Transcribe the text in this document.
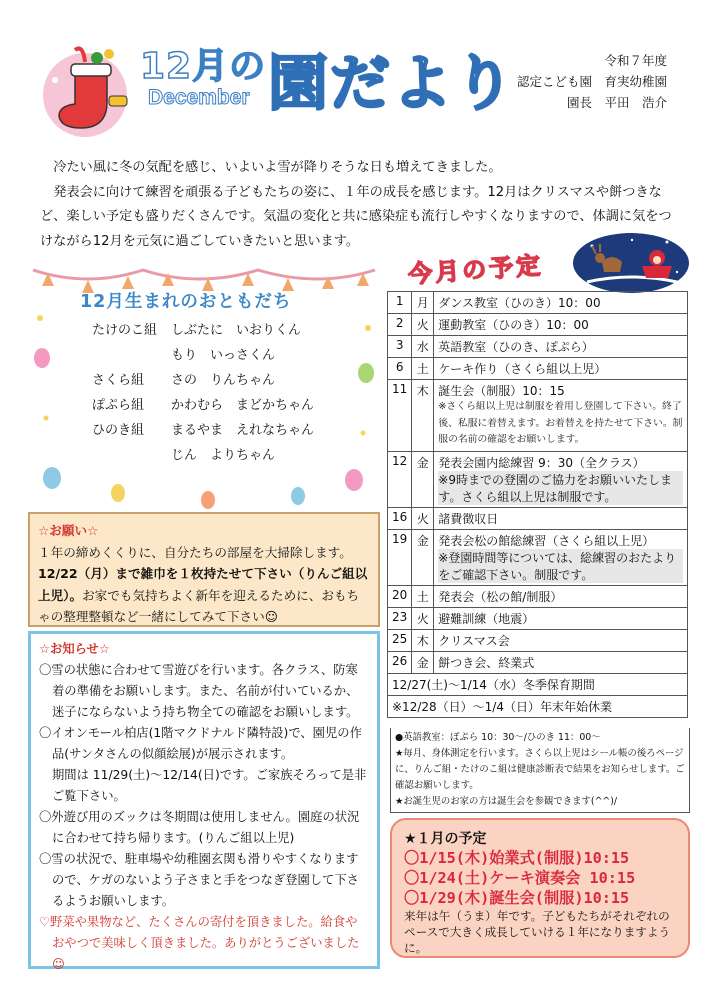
12月の
December 園だより	令和７年度
認定こども園　育実幼稚園
園長　平田　浩介

冷たい風に冬の気配を感じ、いよいよ雪が降りそうな日も増えてきました。

発表会に向けて練習を頑張る子どもたちの姿に、１年の成長を感じます。12月はクリスマスや餅つきなど、楽しい予定も盛りだくさんです。気温の変化と共に感染症も流行しやすくなりますので、体調に気をつけながら12月を元気に過ごしていきたいと思います。

12月生まれのおともだち
たけのこ組	しぶたに　いおりくん
もり　いっさくん
さくら組	さの　りんちゃん
ぽぷら組	かわむら　まどかちゃん
ひのき組	まるやま　えれなちゃん
じん　よりちゃん
☆お願い☆
１年の締めくくりに、自分たちの部屋を大掃除します。
12/22（月）まで雑巾を１枚持たせて下さい（りんご組以上児）。お家でも気持ちよく新年を迎えるために、おもちゃの整理整頓など一緒にしてみて下さい☺
☆お知らせ☆
〇雪の状態に合わせて雪遊びを行います。各クラス、防寒着の準備をお願いします。また、名前が付いているか、迷子にならないよう持ち物全ての確認をお願いします。
〇イオンモール柏店(1階マクドナルド隣特設)で、園児の作品(サンタさんの似顔絵展)が展示されます。
期間は 11/29(土)～12/14(日)です。ご家族そろって是非ご覧下さい。
〇外遊び用のズックは冬期間は使用しません。園庭の状況に合わせて持ち帰ります。(りんご組以上児)
〇雪の状況で、駐車場や幼稚園玄関も滑りやすくなりますので、ケガのないよう子さまと手をつなぎ登園して下さるようお願いします。
♡野菜や果物など、たくさんの寄付を頂きました。給食やおやつで美味しく頂きました。ありがとうございました☺
今月の予定
1	月	ダンス教室（ひのき）10：00

2	火	運動教室（ひのき）10：00

3	水	英語教室（ひのき、ぽぷら）

6	土	ケーキ作り（さくら組以上児）

11	木	誕生会（制服）10：15
※さくら組以上児は制服を着用し登園して下さい。終了後、私服に着替えます。お着替えを持たせて下さい。制服の名前の確認をお願いします。

12	金	発表会園内総練習 9：30（全クラス）
※9時までの登園のご協力をお願いいたします。さくら組以上児は制服です。

16	火	諸費徴収日

19	金	発表会松の館総練習（さくら組以上児）
※登園時間等については、総練習のおたよりをご確認下さい。制服です。

20	土	発表会（松の館/制服）

23	火	避難訓練（地震）

25	木	クリスマス会

26	金	餅つき会、終業式

12/27(土)～1/14（水）冬季保育期間		
※12/28（日）～1/4（日）年末年始休業		
●英語教室：ぽぷら 10：30～/ひのき 11：00～
★毎月、身体測定を行います。さくら以上児はシール帳の後ろページに、りんご組・たけのこ組は健康診断表で結果をお知らせします。ご確認お願いします。
★お誕生児のお家の方は誕生会を参観できます(^^)/
★１月の予定
〇1/15(木)始業式(制服)10:15
〇1/24(土)ケーキ演奏会 10:15
〇1/29(木)誕生会(制服)10:15
来年は午（うま）年です。子どもたちがそれぞれのペースで大きく成長していける１年になりますように。
